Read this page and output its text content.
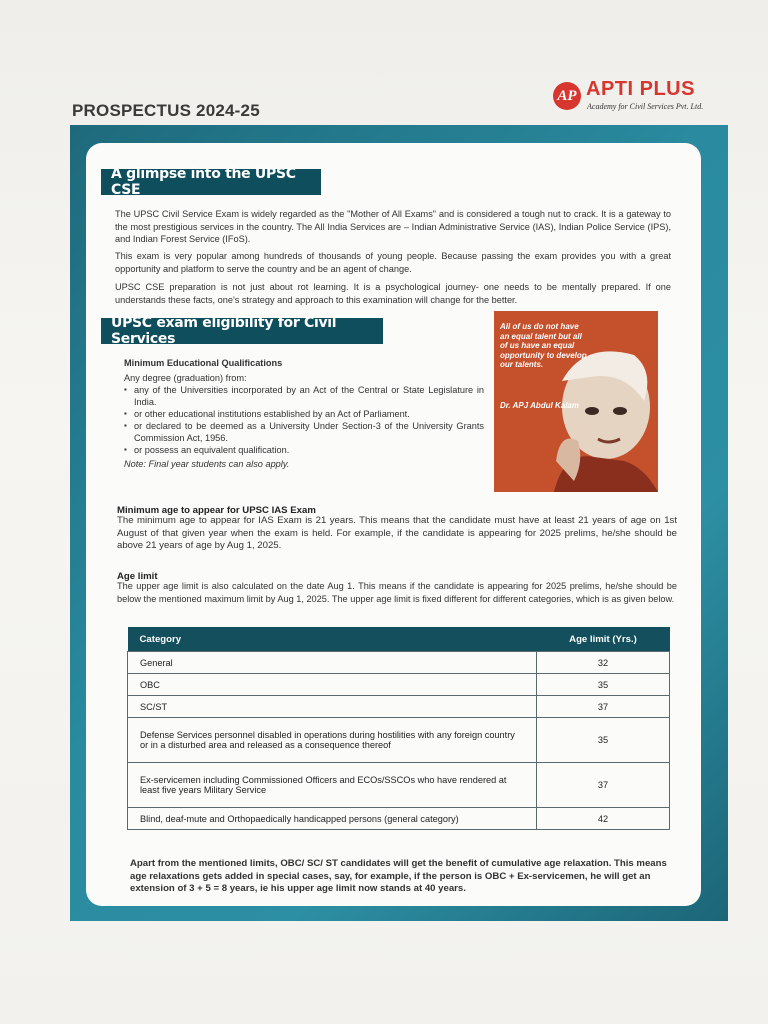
PROSPECTUS 2024-25
AP APTI PLUS
Academy for Civil Services Pvt. Ltd.
A glimpse into the UPSC CSE
The UPSC Civil Service Exam is widely regarded as the "Mother of All Exams" and is considered a tough nut to crack. It is a gateway to the most prestigious services in the country. The All India Services are – Indian Administrative Service (IAS), Indian Police Service (IPS), and Indian Forest Service (IFoS).
This exam is very popular among hundreds of thousands of young people. Because passing the exam provides you with a great opportunity and platform to serve the country and be an agent of change.
UPSC CSE preparation is not just about rot learning. It is a psychological journey- one needs to be mentally prepared. If one understands these facts, one's strategy and approach to this examination will change for the better.
UPSC exam eligibility for Civil Services
Minimum Educational Qualifications
Any degree (graduation) from:
▪ any of the Universities incorporated by an Act of the Central or State Legislature in India.
▪ or other educational institutions established by an Act of Parliament.
▪ or declared to be deemed as a University Under Section-3 of the University Grants Commission Act, 1956.
▪ or possess an equivalent qualification.
Note: Final year students can also apply.
All of us do not have an equal talent but all of us have an equal opportunity to develop our talents.
Dr. APJ Abdul Kalam
Minimum age to appear for UPSC IAS Exam
The minimum age to appear for IAS Exam is 21 years. This means that the candidate must have at least 21 years of age on 1st August of that given year when the exam is held. For example, if the candidate is appearing for 2025 prelims, he/she should be above 21 years of age by Aug 1, 2025.
Age limit
The upper age limit is also calculated on the date Aug 1. This means if the candidate is appearing for 2025 prelims, he/she should be below the mentioned maximum limit by Aug 1, 2025. The upper age limit is fixed different for different categories, which is as given below.
Category	Age limit (Yrs.)
General	32
OBC	35
SC/ST	37
Defense Services personnel disabled in operations during hostilities with any foreign country or in a disturbed area and released as a consequence thereof	35
Ex-servicemen including Commissioned Officers and ECOs/SSCOs who have rendered at least five years Military Service	37
Blind, deaf-mute and Orthopaedically handicapped persons (general category)	42
Apart from the mentioned limits, OBC/ SC/ ST candidates will get the benefit of cumulative age relaxation. This means age relaxations gets added in special cases, say, for example, if the person is OBC + Ex-servicemen, he will get an extension of 3 + 5 = 8 years, ie his upper age limit now stands at 40 years.
